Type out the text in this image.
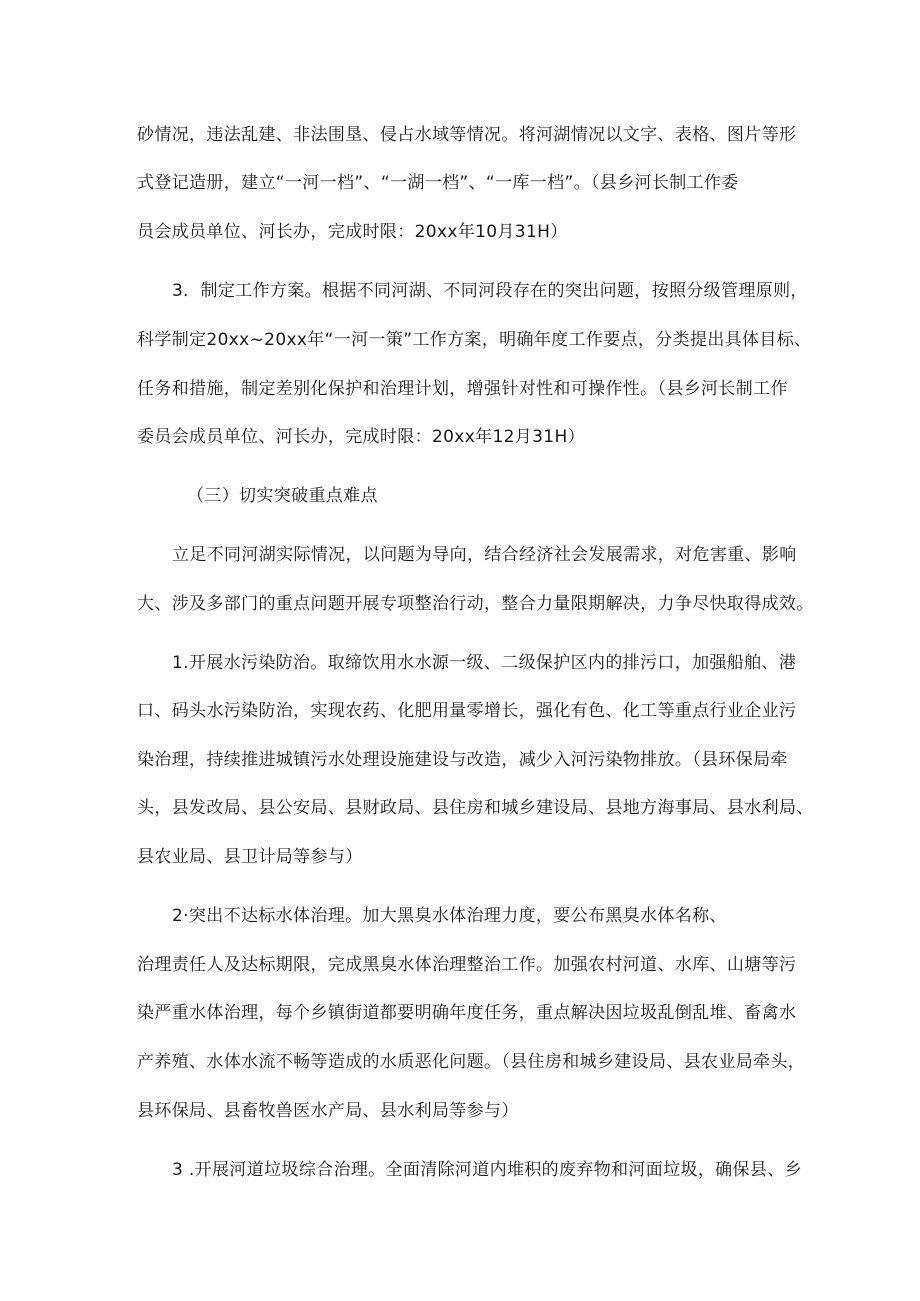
砂情况，违法乱建、非法围垦、侵占水域等情况。将河湖情况以文字、表格、图片等形
式登记造册，建立“一河一档”、“一湖一档”、“一库一档”。（县乡河长制工作委
员会成员单位、河长办，完成时限：20xx年10月31H）
3．制定工作方案。根据不同河湖、不同河段存在的突出问题，按照分级管理原则，
科学制定20xx~20xx年“一河一策”工作方案，明确年度工作要点，分类提出具体目标、
任务和措施，制定差别化保护和治理计划，增强针对性和可操作性。（县乡河长制工作
委员会成员单位、河长办，完成时限：20xx年12月31H）
（三）切实突破重点难点
立足不同河湖实际情况，以问题为导向，结合经济社会发展需求，对危害重、影响
大、涉及多部门的重点问题开展专项整治行动，整合力量限期解决，力争尽快取得成效。
1.开展水污染防治。取缔饮用水水源一级、二级保护区内的排污口，加强船舶、港
口、码头水污染防治，实现农药、化肥用量零增长，强化有色、化工等重点行业企业污
染治理，持续推进城镇污水处理设施建设与改造，减少入河污染物排放。（县环保局牵
头，县发改局、县公安局、县财政局、县住房和城乡建设局、县地方海事局、县水利局、
县农业局、县卫计局等参与）
2·突出不达标水体治理。加大黑臭水体治理力度，要公布黑臭水体名称、
治理责任人及达标期限，完成黑臭水体治理整治工作。加强农村河道、水库、山塘等污
染严重水体治理，每个乡镇街道都要明确年度任务，重点解决因垃圾乱倒乱堆、畜禽水
产养殖、水体水流不畅等造成的水质恶化问题。（县住房和城乡建设局、县农业局牵头，
县环保局、县畜牧兽医水产局、县水利局等参与）
3 .开展河道垃圾综合治理。全面清除河道内堆积的废弃物和河面垃圾，确保县、乡
